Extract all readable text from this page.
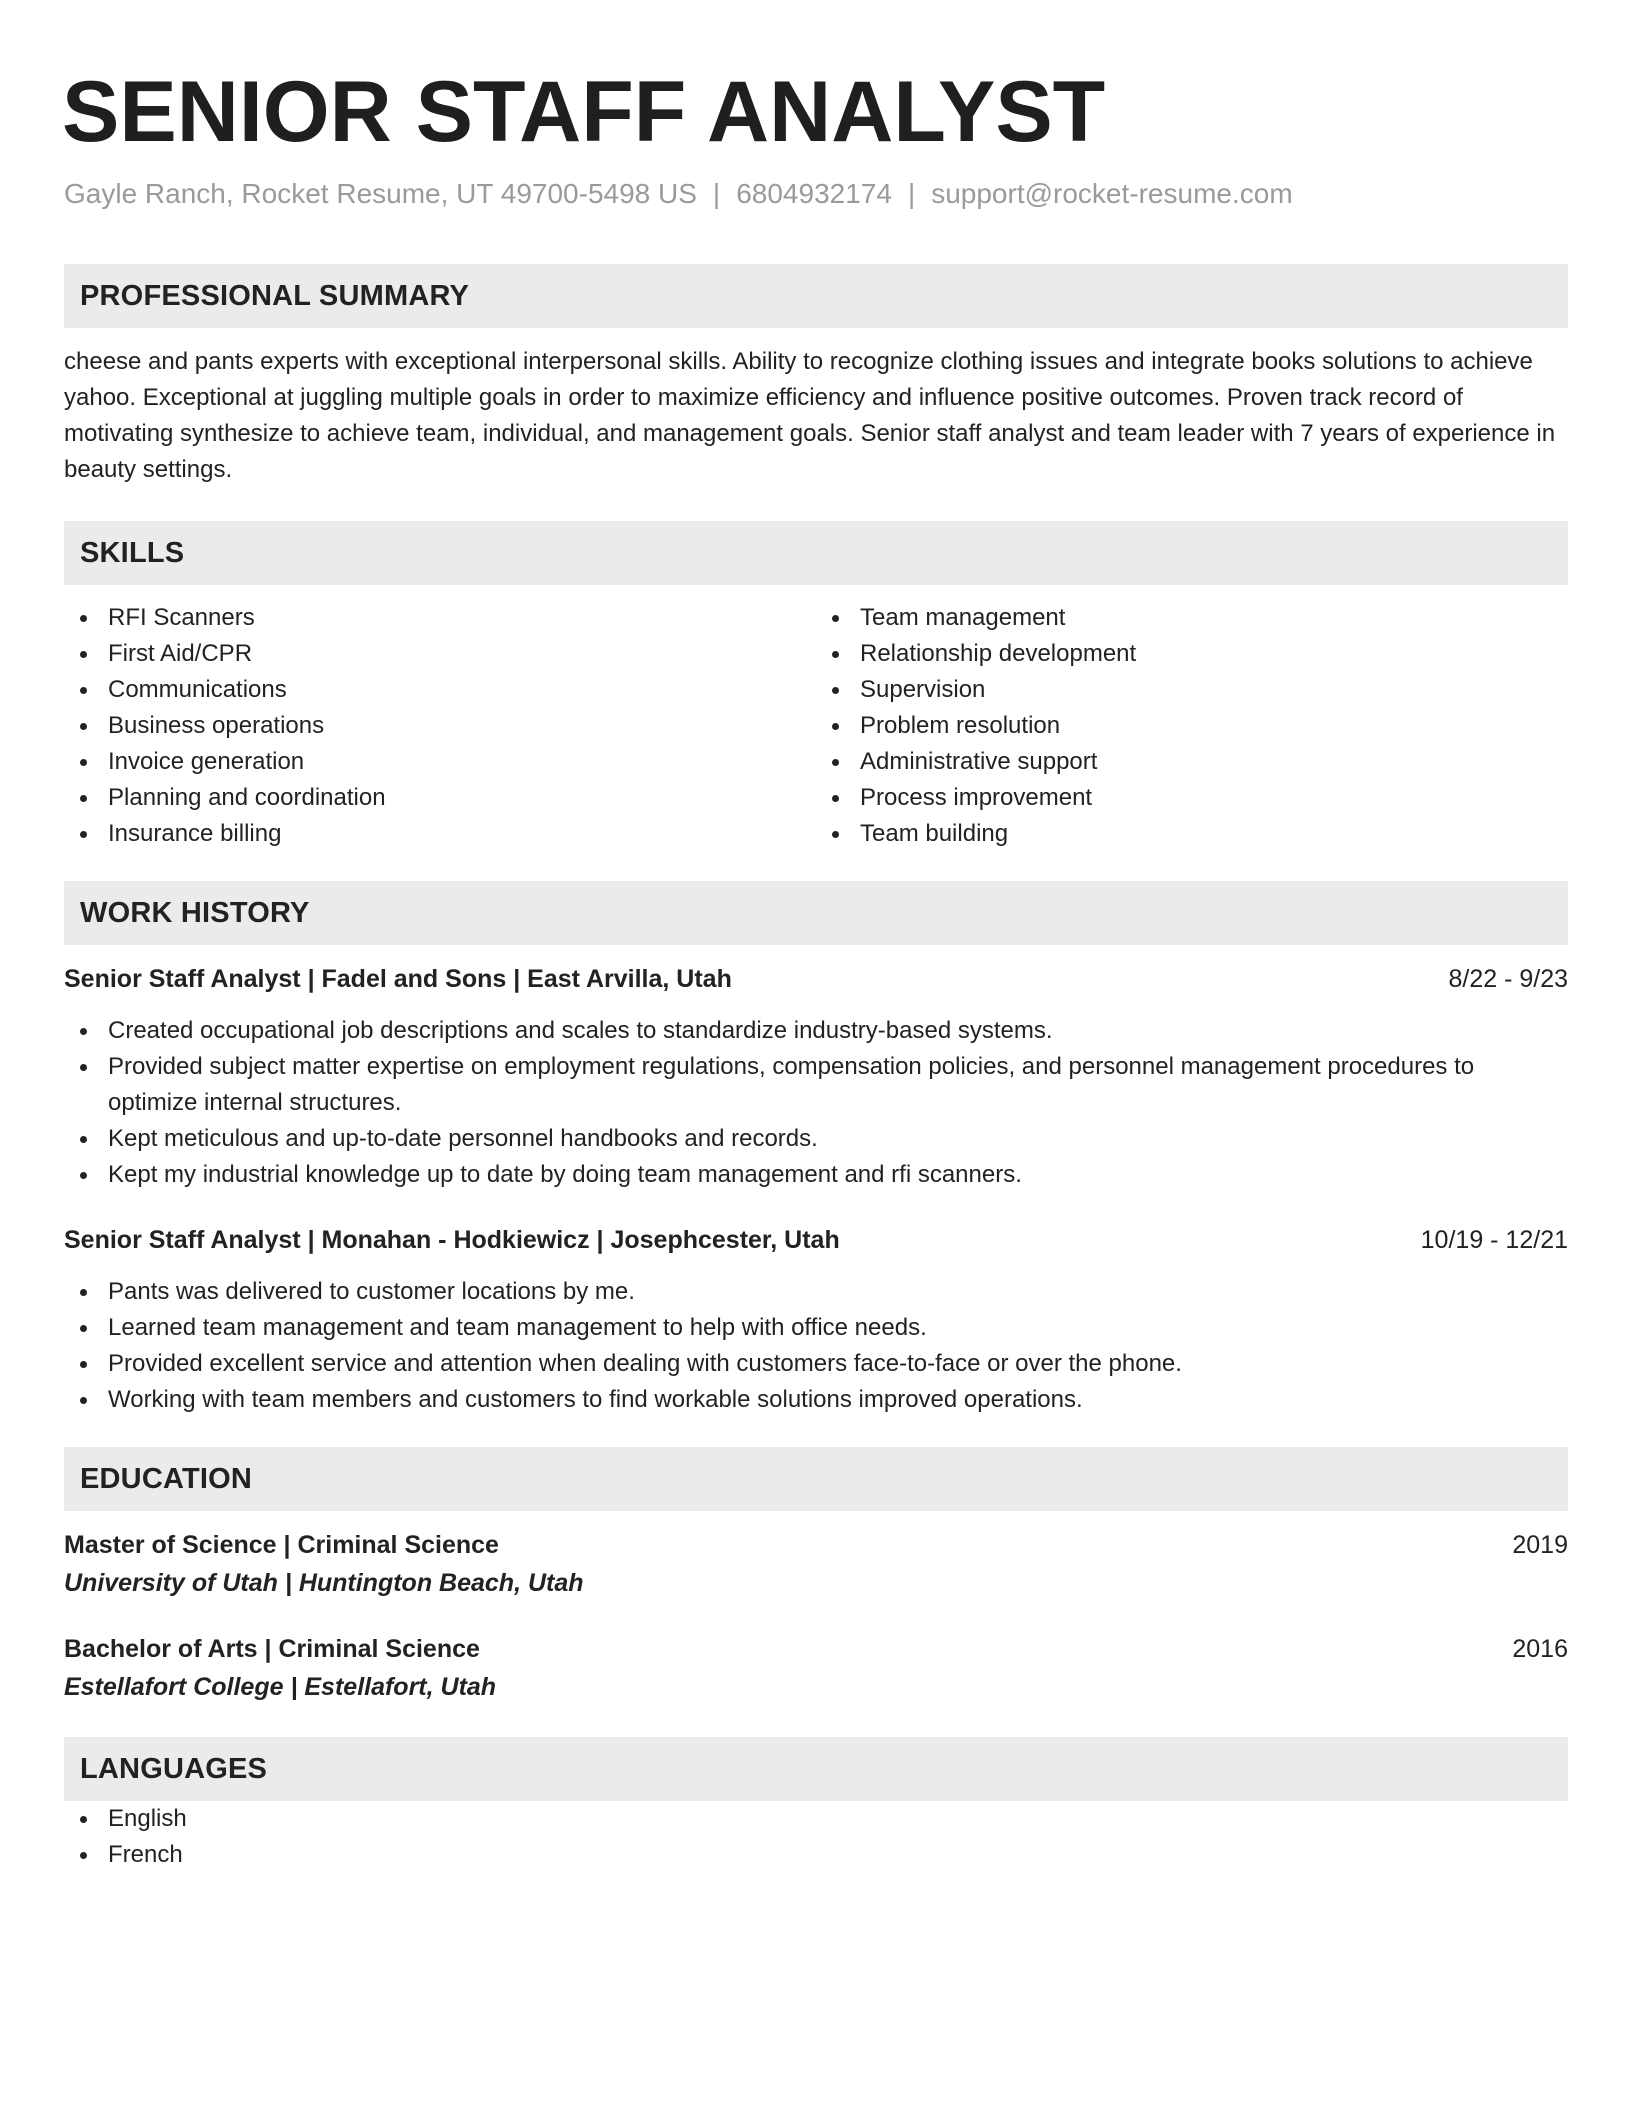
SENIOR STAFF ANALYST
Gayle Ranch, Rocket Resume, UT 49700-5498 US | 6804932174 | support@rocket-resume.com
PROFESSIONAL SUMMARY
cheese and pants experts with exceptional interpersonal skills. Ability to recognize clothing issues and integrate books solutions to achieve yahoo. Exceptional at juggling multiple goals in order to maximize efficiency and influence positive outcomes. Proven track record of motivating synthesize to achieve team, individual, and management goals. Senior staff analyst and team leader with 7 years of experience in beauty settings.
SKILLS
RFI Scanners
First Aid/CPR
Communications
Business operations
Invoice generation
Planning and coordination
Insurance billing
Team management
Relationship development
Supervision
Problem resolution
Administrative support
Process improvement
Team building
WORK HISTORY
Senior Staff Analyst | Fadel and Sons | East Arvilla, Utah	8/22 - 9/23
Created occupational job descriptions and scales to standardize industry-based systems.
Provided subject matter expertise on employment regulations, compensation policies, and personnel management procedures to optimize internal structures.
Kept meticulous and up-to-date personnel handbooks and records.
Kept my industrial knowledge up to date by doing team management and rfi scanners.
Senior Staff Analyst | Monahan - Hodkiewicz | Josephcester, Utah	10/19 - 12/21
Pants was delivered to customer locations by me.
Learned team management and team management to help with office needs.
Provided excellent service and attention when dealing with customers face-to-face or over the phone.
Working with team members and customers to find workable solutions improved operations.
EDUCATION
Master of Science | Criminal Science	2019
University of Utah | Huntington Beach, Utah
Bachelor of Arts | Criminal Science	2016
Estellafort College | Estellafort, Utah
LANGUAGES
English
French
